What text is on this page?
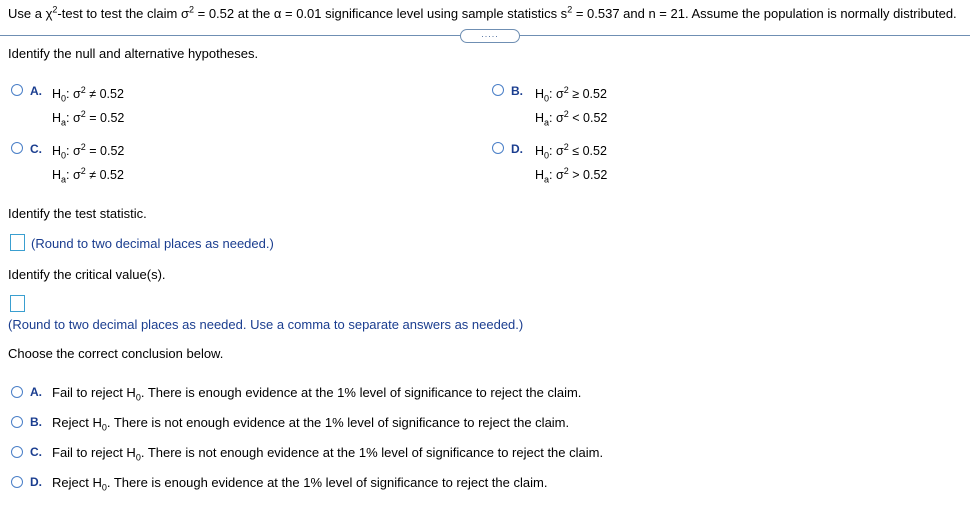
Use a $\chi^2$-test to test the claim $\sigma^2 = 0.52$ at the α = 0.01 significance level using sample statistics $s^2 = 0.537$ and n = 21. Assume the population is normally distributed.
.....
Identify the null and alternative hypotheses.
A. $H_0$: $\sigma^2 \ne 0.52$
$H_a$: $\sigma^2 = 0.52$
B. $H_0$: $\sigma^2 \ge 0.52$
$H_a$: $\sigma^2 < 0.52$
C. $H_0$: $\sigma^2 = 0.52$
$H_a$: $\sigma^2 \ne 0.52$
D. $H_0$: $\sigma^2 \le 0.52$
$H_a$: $\sigma^2 > 0.52$
Identify the test statistic.
(Round to two decimal places as needed.)
Identify the critical value(s).
(Round to two decimal places as needed. Use a comma to separate answers as needed.)
Choose the correct conclusion below.
A. Fail to reject $H_0$. There is enough evidence at the 1% level of significance to reject the claim.
B. Reject $H_0$. There is not enough evidence at the 1% level of significance to reject the claim.
C. Fail to reject $H_0$. There is not enough evidence at the 1% level of significance to reject the claim.
D. Reject $H_0$. There is enough evidence at the 1% level of significance to reject the claim.
